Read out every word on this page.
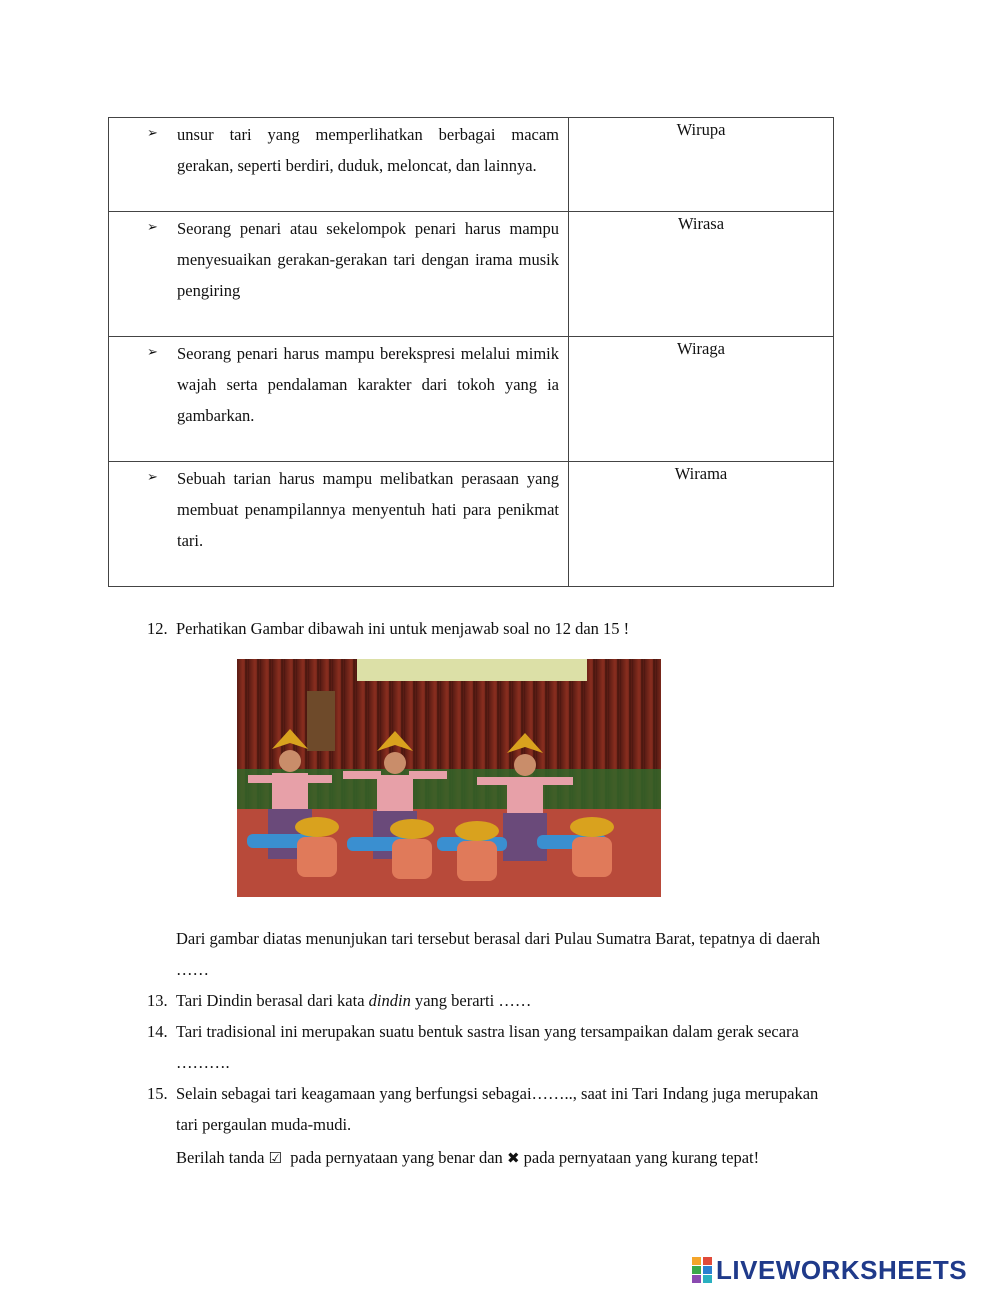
➢ unsur tari yang memperlihatkan berbagai macam gerakan, seperti berdiri, duduk, meloncat, dan lainnya.	Wirupa

➢ Seorang penari atau sekelompok penari harus mampu menyesuaikan gerakan-gerakan tari dengan irama musik pengiring	Wirasa

➢ Seorang penari harus mampu berekspresi melalui mimik wajah serta pendalaman karakter dari tokoh yang ia gambarkan.	Wiraga

➢ Sebuah tarian harus mampu melibatkan perasaan yang membuat penampilannya menyentuh hati para penikmat tari.	Wirama
12. Perhatikan Gambar dibawah ini untuk menjawab soal no 12 dan 15 !
Dari gambar diatas menunjukan tari tersebut berasal dari Pulau Sumatra Barat, tepatnya di daerah
……
13. Tari Dindin berasal dari kata dindin yang berarti ……
14. Tari tradisional ini merupakan suatu bentuk sastra lisan yang tersampaikan dalam gerak secara
……….
15. Selain sebagai tari keagamaan yang berfungsi sebagai…….., saat ini Tari Indang juga merupakan
tari pergaulan muda-mudi.
Berilah tanda ☑  pada pernyataan yang benar dan ✖ pada pernyataan yang kurang tepat!
LIVEWORKSHEETS
